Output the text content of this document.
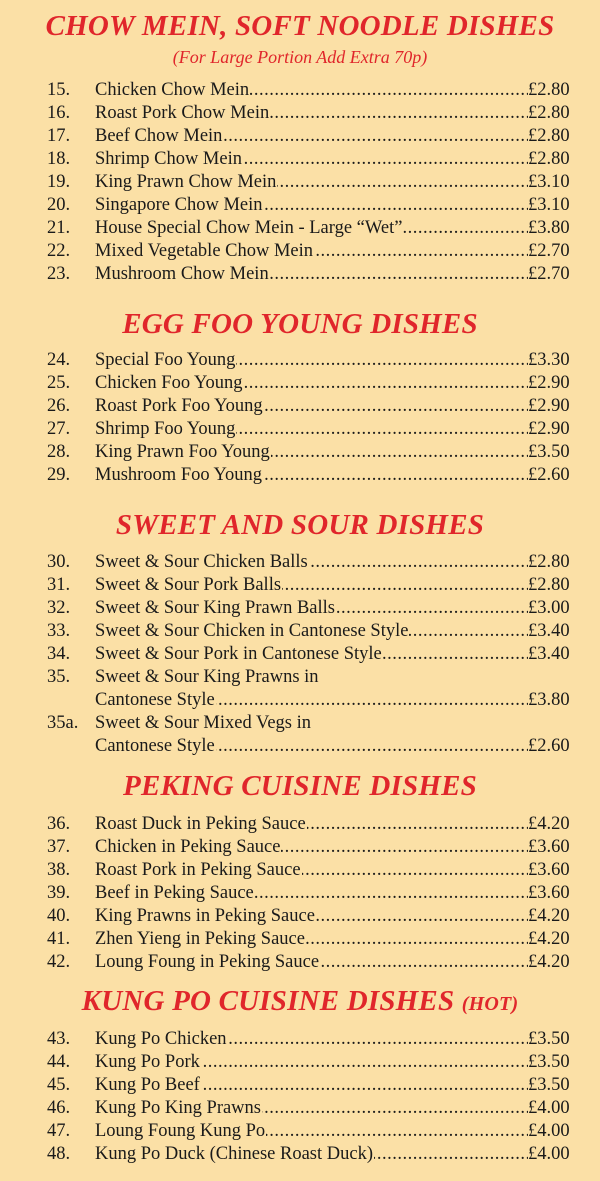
CHOW MEIN, SOFT NOODLE DISHES
(For Large Portion Add Extra 70p)
15. Chicken Chow Mein .....	£2.80
16. Roast Pork Chow Mein .....	£2.80
17. Beef Chow Mein .....	£2.80
18. Shrimp Chow Mein .....	£2.80
19. King Prawn Chow Mein .....	£3.10
20. Singapore Chow Mein .....	£3.10
21. House Special Chow Mein - Large “Wet” .....	£3.80
22. Mixed Vegetable Chow Mein .....	£2.70
23. Mushroom Chow Mein .....	£2.70
EGG FOO YOUNG DISHES
24. Special Foo Young .....	£3.30
25. Chicken Foo Young .....	£2.90
26. Roast Pork Foo Young .....	£2.90
27. Shrimp Foo Young .....	£2.90
28. King Prawn Foo Young .....	£3.50
29. Mushroom Foo Young .....	£2.60
SWEET AND SOUR DISHES
30. Sweet & Sour Chicken Balls .....	£2.80
31. Sweet & Sour Pork Balls .....	£2.80
32. Sweet & Sour King Prawn Balls .....	£3.00
33. Sweet & Sour Chicken in Cantonese Style .....	£3.40
34. Sweet & Sour Pork in Cantonese Style .....	£3.40
35. Sweet & Sour King Prawns in
Cantonese Style .....	£3.80
35a. Sweet & Sour Mixed Vegs in
Cantonese Style .....	£2.60
PEKING CUISINE DISHES
36. Roast Duck in Peking Sauce .....	£4.20
37. Chicken in Peking Sauce .....	£3.60
38. Roast Pork in Peking Sauce .....	£3.60
39. Beef in Peking Sauce .....	£3.60
40. King Prawns in Peking Sauce .....	£4.20
41. Zhen Yieng in Peking Sauce .....	£4.20
42. Loung Foung in Peking Sauce .....	£4.20
KUNG PO CUISINE DISHES (HOT)
43. Kung Po Chicken .....	£3.50
44. Kung Po Pork .....	£3.50
45. Kung Po Beef .....	£3.50
46. Kung Po King Prawns .....	£4.00
47. Loung Foung Kung Po .....	£4.00
48. Kung Po Duck (Chinese Roast Duck) .....	£4.00
